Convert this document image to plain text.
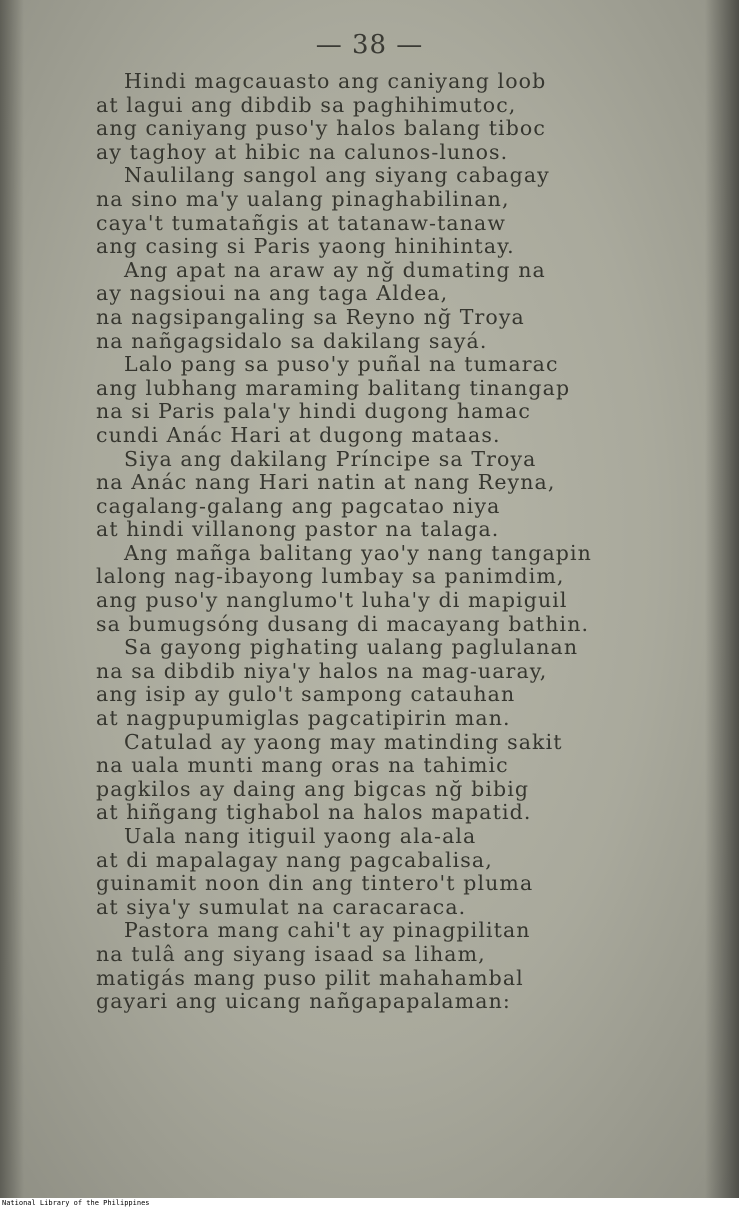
— 38 —
Hindi magcauasto ang caniyang loob
at lagui ang dibdib sa paghihimutoc,
ang caniyang puso'y halos balang tiboc
ay taghoy at hibic na calunos-lunos.
Naulilang sangol ang siyang cabagay
na sino ma'y ualang pinaghabilinan,
caya't tumatañgis at tatanaw-tanaw
ang casing si Paris yaong hinihintay.
Ang apat na araw ay nğ dumating na
ay nagsioui na ang taga Aldea,
na nagsipangaling sa Reyno nğ Troya
na nañgagsidalo sa dakilang sayá.
Lalo pang sa puso'y puñal na tumarac
ang lubhang maraming balitang tinangap
na si Paris pala'y hindi dugong hamac
cundi Anác Hari at dugong mataas.
Siya ang dakilang Príncipe sa Troya
na Anác nang Hari natin at nang Reyna,
cagalang-galang ang pagcatao niya
at hindi villanong pastor na talaga.
Ang mañga balitang yao'y nang tangapin
lalong nag-ibayong lumbay sa panimdim,
ang puso'y nanglumo't luha'y di mapiguil
sa bumugsóng dusang di macayang bathin.
Sa gayong pighating ualang paglulanan
na sa dibdib niya'y halos na mag-uaray,
ang isip ay gulo't sampong catauhan
at nagpupumiglas pagcatipirin man.
Catulad ay yaong may matinding sakit
na uala munti mang oras na tahimic
pagkilos ay daing ang bigcas nğ bibig
at hiñgang tighabol na halos mapatid.
Uala nang itiguil yaong ala-ala
at di mapalagay nang pagcabalisa,
guinamit noon din ang tintero't pluma
at siya'y sumulat na caracaraca.
Pastora mang cahi't ay pinagpilitan
na tulâ ang siyang isaad sa liham,
matigás mang puso pilit mahahambal
gayari ang uicang nañgapapalaman:
National Library of the Philippines
